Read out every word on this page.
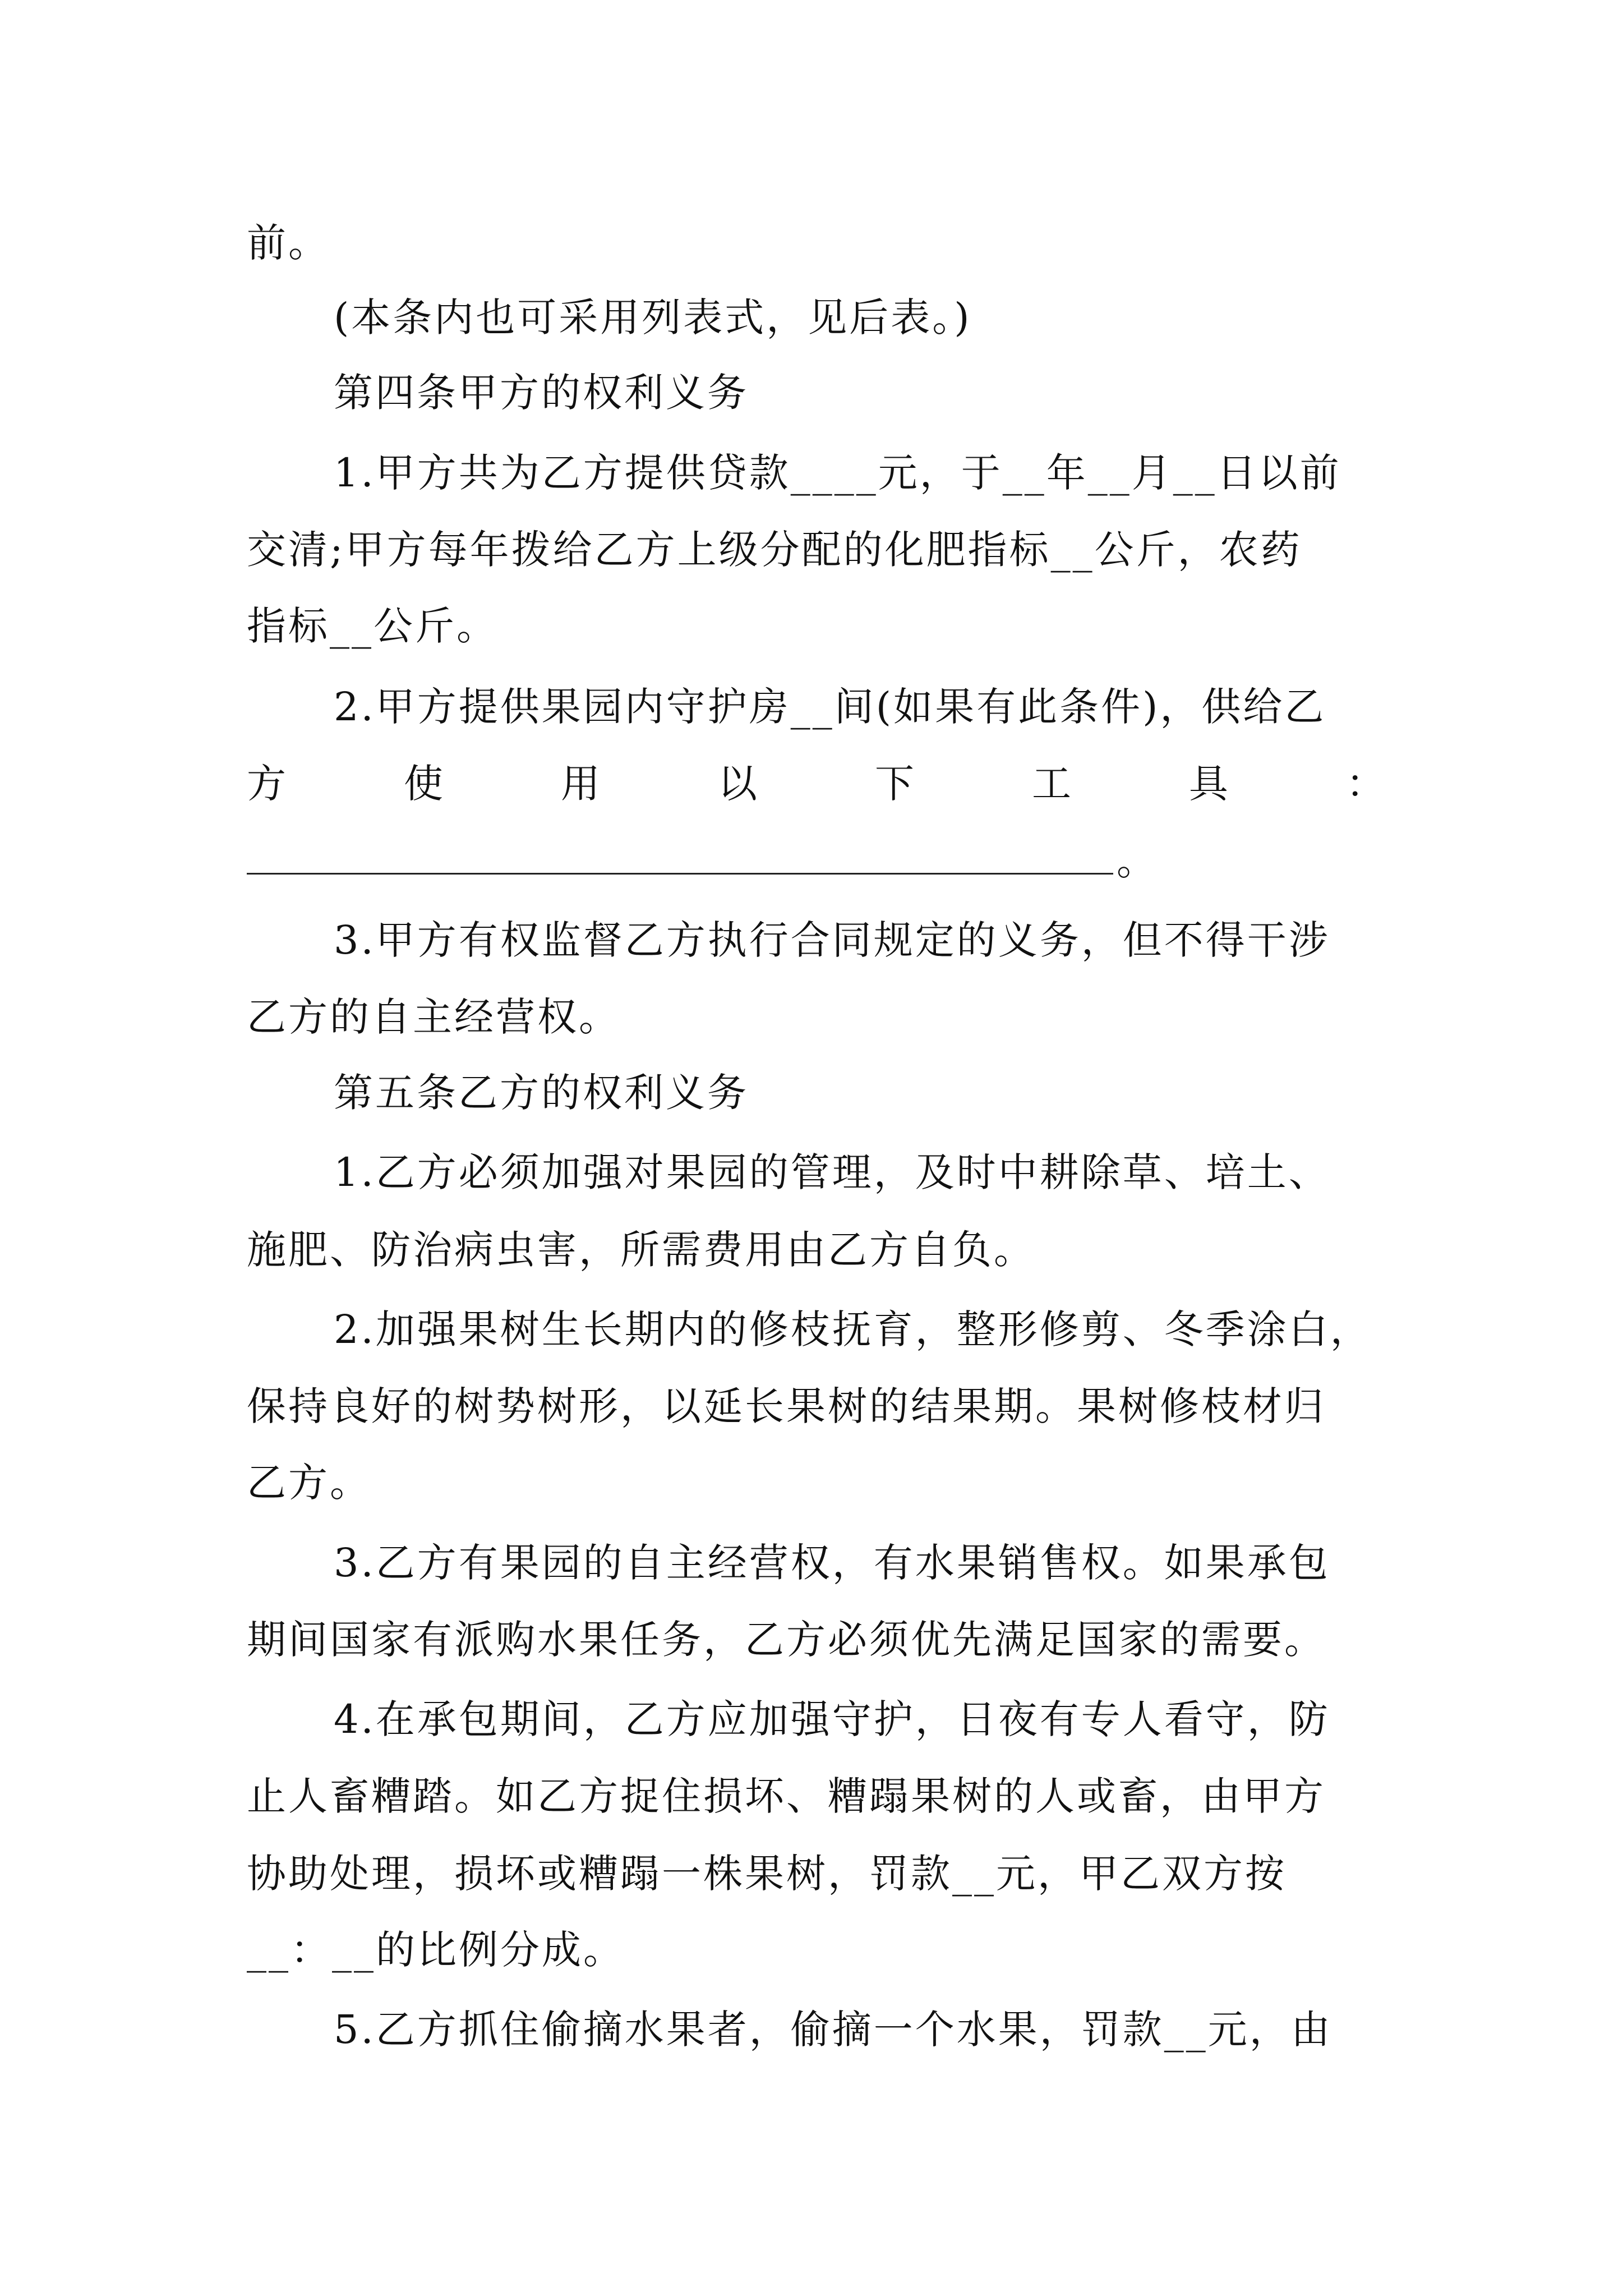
前。
(本条内也可采用列表式，见后表。)
第四条甲方的权利义务
1.甲方共为乙方提供贷款____元，于__年__月__日以前
交清;甲方每年拨给乙方上级分配的化肥指标__公斤，农药
指标__公斤。
2.甲方提供果园内守护房__间(如果有此条件)，供给乙
方	使	用	以	下	工	具	：
。
3.甲方有权监督乙方执行合同规定的义务，但不得干涉
乙方的自主经营权。
第五条乙方的权利义务
1.乙方必须加强对果园的管理，及时中耕除草、培土、
施肥、防治病虫害，所需费用由乙方自负。
2.加强果树生长期内的修枝抚育，整形修剪、冬季涂白，
保持良好的树势树形，以延长果树的结果期。果树修枝材归
乙方。
3.乙方有果园的自主经营权，有水果销售权。如果承包
期间国家有派购水果任务，乙方必须优先满足国家的需要。
4.在承包期间，乙方应加强守护，日夜有专人看守，防
止人畜糟踏。如乙方捉住损坏、糟蹋果树的人或畜，由甲方
协助处理，损坏或糟蹋一株果树，罚款__元，甲乙双方按
__：__的比例分成。
5.乙方抓住偷摘水果者，偷摘一个水果，罚款__元，由
